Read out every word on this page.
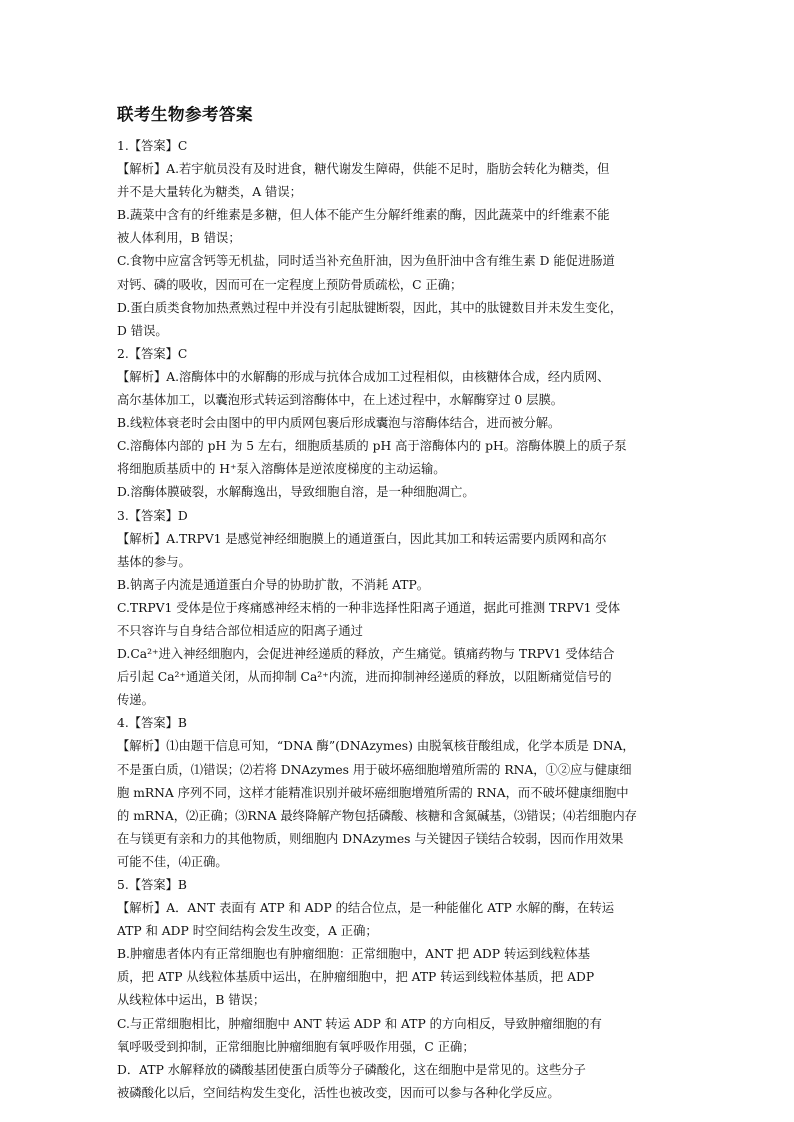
联考生物参考答案

1.【答案】C

【解析】A.若宇航员没有及时进食，糖代谢发生障碍，供能不足时，脂肪会转化为糖类，但

并不是大量转化为糖类，A 错误；

B.蔬菜中含有的纤维素是多糖，但人体不能产生分解纤维素的酶，因此蔬菜中的纤维素不能

被人体利用，B 错误；

C.食物中应富含钙等无机盐，同时适当补充鱼肝油，因为鱼肝油中含有维生素 D 能促进肠道

对钙、磷的吸收，因而可在一定程度上预防骨质疏松，C 正确；

D.蛋白质类食物加热煮熟过程中并没有引起肽键断裂，因此，其中的肽键数目并未发生变化，

D 错误。

2.【答案】C

【解析】A.溶酶体中的水解酶的形成与抗体合成加工过程相似，由核糖体合成，经内质网、

高尔基体加工，以囊泡形式转运到溶酶体中，在上述过程中，水解酶穿过 0 层膜。

B.线粒体衰老时会由图中的甲内质网包裹后形成囊泡与溶酶体结合，进而被分解。

C.溶酶体内部的 pH 为 5 左右，细胞质基质的 pH 高于溶酶体内的 pH。溶酶体膜上的质子泵

将细胞质基质中的 H⁺泵入溶酶体是逆浓度梯度的主动运输。

D.溶酶体膜破裂，水解酶逸出，导致细胞自溶，是一种细胞凋亡。

3.【答案】D

【解析】A.TRPV1 是感觉神经细胞膜上的通道蛋白，因此其加工和转运需要内质网和高尔

基体的参与。

B.钠离子内流是通道蛋白介导的协助扩散，不消耗 ATP。

C.TRPV1 受体是位于疼痛感神经末梢的一种非选择性阳离子通道，据此可推测 TRPV1 受体

不只容许与自身结合部位相适应的阳离子通过

D.Ca²⁺进入神经细胞内，会促进神经递质的释放，产生痛觉。镇痛药物与 TRPV1 受体结合

后引起 Ca²⁺通道关闭，从而抑制 Ca²⁺内流，进而抑制神经递质的释放，以阻断痛觉信号的

传递。

4.【答案】B

【解析】⑴由题干信息可知，“DNA 酶”(DNAzymes) 由脱氧核苷酸组成，化学本质是 DNA，

不是蛋白质，⑴错误；⑵若将 DNAzymes 用于破坏癌细胞增殖所需的 RNA，①②应与健康细

胞 mRNA 序列不同，这样才能精准识别并破坏癌细胞增殖所需的 RNA，而不破坏健康细胞中

的 mRNA，⑵正确；⑶RNA 最终降解产物包括磷酸、核糖和含氮碱基，⑶错误；⑷若细胞内存

在与镁更有亲和力的其他物质，则细胞内 DNAzymes 与关键因子镁结合较弱，因而作用效果

可能不佳，⑷正确。

5.【答案】B

【解析】A．ANT 表面有 ATP 和 ADP 的结合位点，是一种能催化 ATP 水解的酶，在转运

ATP 和 ADP 时空间结构会发生改变，A 正确；

B.肿瘤患者体内有正常细胞也有肿瘤细胞：正常细胞中，ANT 把 ADP 转运到线粒体基

质，把 ATP 从线粒体基质中运出，在肿瘤细胞中，把 ATP 转运到线粒体基质，把 ADP

从线粒体中运出，B 错误；

C.与正常细胞相比，肿瘤细胞中 ANT 转运 ADP 和 ATP 的方向相反，导致肿瘤细胞的有

氧呼吸受到抑制，正常细胞比肿瘤细胞有氧呼吸作用强，C 正确；

D．ATP 水解释放的磷酸基团使蛋白质等分子磷酸化，这在细胞中是常见的。这些分子

被磷酸化以后，空间结构发生变化，活性也被改变，因而可以参与各种化学反应。
